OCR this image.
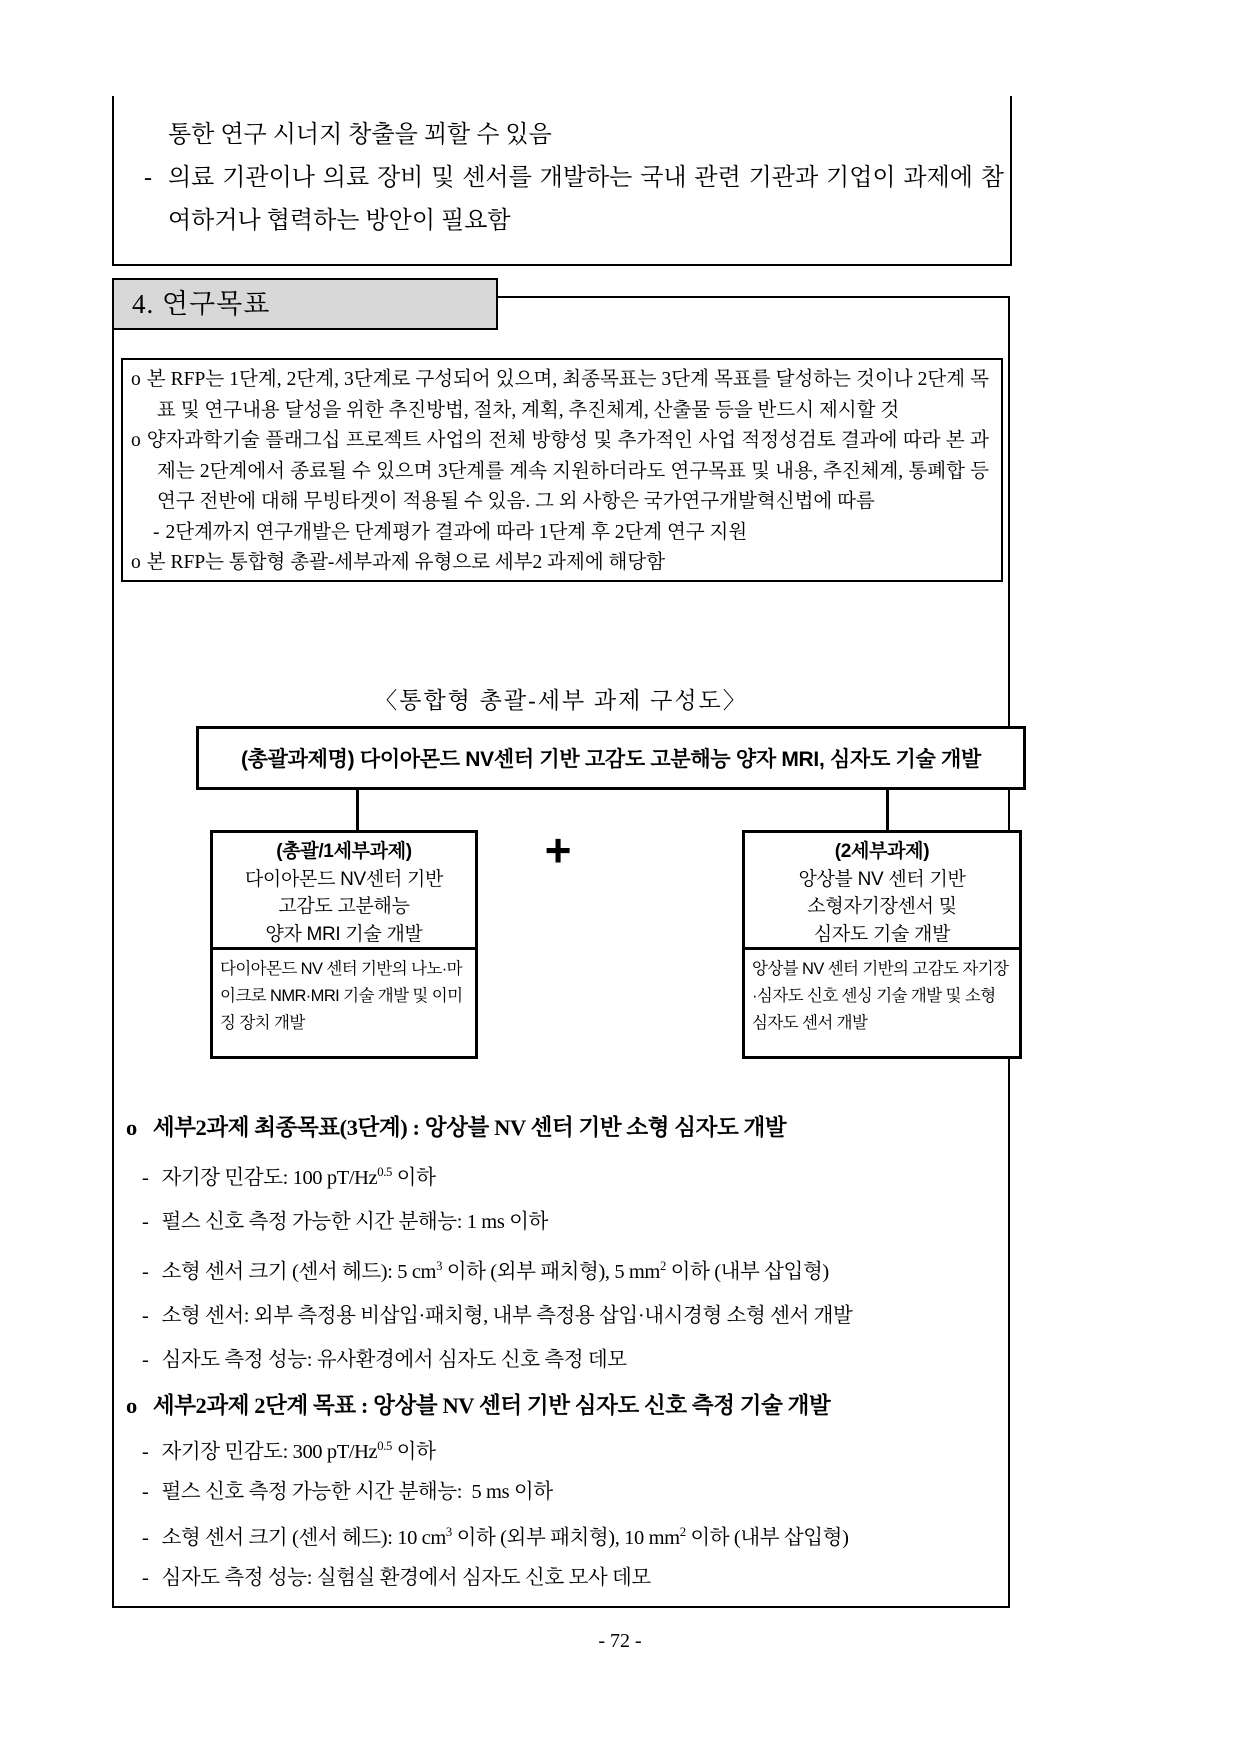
통한 연구 시너지 창출을 꾀할 수 있음

- 의료 기관이나 의료 장비 및 센서를 개발하는 국내 관련 기관과 기업이 과제에 참여하거나 협력하는 방안이 필요함

4. 연구목표

o 본 RFP는 1단계, 2단계, 3단계로 구성되어 있으며, 최종목표는 3단계 목표를 달성하는 것이나 2단계 목표 및 연구내용 달성을 위한 추진방법, 절차, 계획, 추진체계, 산출물 등을 반드시 제시할 것

o 양자과학기술 플래그십 프로젝트 사업의 전체 방향성 및 추가적인 사업 적정성검토 결과에 따라 본 과제는 2단계에서 종료될 수 있으며 3단계를 계속 지원하더라도 연구목표 및 내용, 추진체계, 통폐합 등 연구 전반에 대해 무빙타겟이 적용될 수 있음. 그 외 사항은 국가연구개발혁신법에 따름

- 2단계까지 연구개발은 단계평가 결과에 따라 1단계 후 2단계 연구 지원

o 본 RFP는 통합형 총괄-세부과제 유형으로 세부2 과제에 해당함

〈통합형 총괄-세부 과제 구성도〉
(총괄과제명) 다이아몬드 NV센터 기반 고감도 고분해능 양자 MRI, 심자도 기술 개발
(총괄/1세부과제)
다이아몬드 NV센터 기반
고감도 고분해능
양자 MRI 기술 개발
다이아몬드 NV 센터 기반의 나노·마이크로 NMR·MRI 기술 개발 및 이미징 장치 개발
+	(2세부과제)
앙상블 NV 센터 기반
소형자기장센서 및
심자도 기술 개발
앙상블 NV 센터 기반의 고감도 자기장·심자도 신호 센싱 기술 개발 및 소형 심자도 센서 개발
o 세부2과제 최종목표(3단계) : 앙상블 NV 센터 기반 소형 심자도 개발
- 자기장 민감도: 100 $pT/Hz^{0.5}$ 이하
- 펄스 신호 측정 가능한 시간 분해능: 1 ms 이하
- 소형 센서 크기 (센서 헤드): 5 $cm^3$ 이하 (외부 패치형), 5 $mm^2$ 이하 (내부 삽입형)
- 소형 센서: 외부 측정용 비삽입·패치형, 내부 측정용 삽입·내시경형 소형 센서 개발
- 심자도 측정 성능: 유사환경에서 심자도 신호 측정 데모
o 세부2과제 2단계 목표 : 앙상블 NV 센터 기반 심자도 신호 측정 기술 개발
- 자기장 민감도: 300 $pT/Hz^{0.5}$ 이하
- 펄스 신호 측정 가능한 시간 분해능:  5 ms 이하
- 소형 센서 크기 (센서 헤드): 10 $cm^3$ 이하 (외부 패치형), 10 $mm^2$ 이하 (내부 삽입형)
- 심자도 측정 성능: 실험실 환경에서 심자도 신호 모사 데모
- 72 -
